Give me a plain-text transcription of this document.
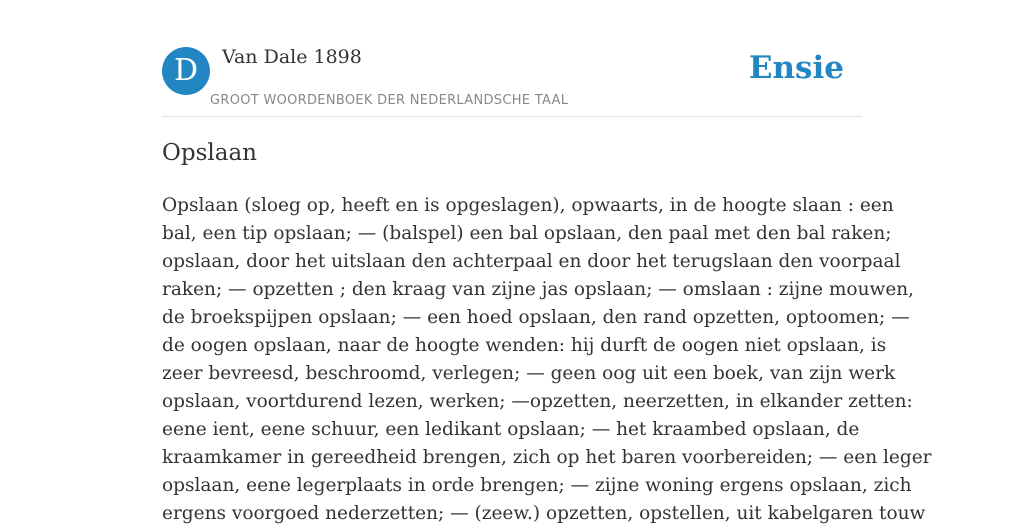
D	Van Dale 1898
GROOT WOORDENBOEK DER NEDERLANDSCHE TAAL
Ensie
Opslaan
Opslaan (sloeg op, heeft en is opgeslagen), opwaarts, in de hoogte slaan : een
bal, een tip opslaan; — (balspel) een bal opslaan, den paal met den bal raken;
opslaan, door het uitslaan den achterpaal en door het terugslaan den voorpaal
raken; — opzetten ; den kraag van zijne jas opslaan; — omslaan : zijne mouwen,
de broekspijpen opslaan; — een hoed opslaan, den rand opzetten, optoomen; —
de oogen opslaan, naar de hoogte wenden: hij durft de oogen niet opslaan, is
zeer bevreesd, beschroomd, verlegen; — geen oog uit een boek, van zijn werk
opslaan, voortdurend lezen, werken; —opzetten, neerzetten, in elkander zetten:
eene ient, eene schuur, een ledikant opslaan; — het kraambed opslaan, de
kraamkamer in gereedheid brengen, zich op het baren voorbereiden; — een leger
opslaan, eene legerplaats in orde brengen; — zijne woning ergens opslaan, zich
ergens voorgoed nederzetten; — (zeew.) opzetten, opstellen, uit kabelgaren touw
